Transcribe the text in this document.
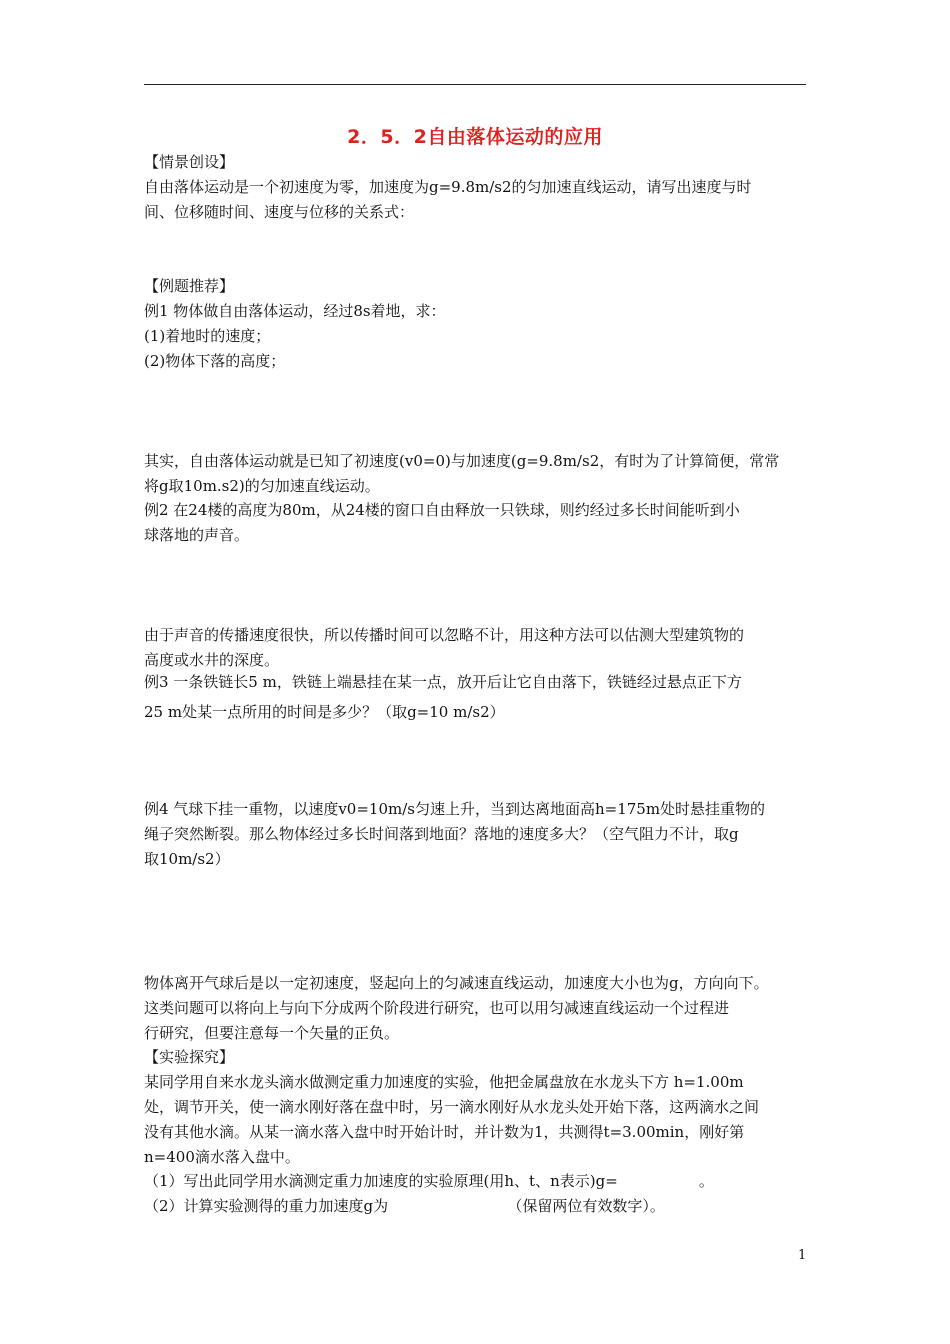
2．5．2自由落体运动的应用
【情景创设】
自由落体运动是一个初速度为零，加速度为g=9.8m/s2的匀加速直线运动，请写出速度与时
间、位移随时间、速度与位移的关系式：
【例题推荐】
例1 物体做自由落体运动，经过8s着地，求：
(1)着地时的速度；
(2)物体下落的高度；
其实，自由落体运动就是已知了初速度(v0=0)与加速度(g=9.8m/s2，有时为了计算简便，常常
将g取10m.s2)的匀加速直线运动。
例2 在24楼的高度为80m，从24楼的窗口自由释放一只铁球，则约经过多长时间能听到小
球落地的声音。
由于声音的传播速度很快，所以传播时间可以忽略不计，用这种方法可以估测大型建筑物的
高度或水井的深度。
例3 一条铁链长5 m，铁链上端悬挂在某一点，放开后让它自由落下，铁链经过悬点正下方
25 m处某一点所用的时间是多少？（取g=10 m/s2）
例4 气球下挂一重物，以速度v0=10m/s匀速上升，当到达离地面高h=175m处时悬挂重物的
绳子突然断裂。那么物体经过多长时间落到地面？落地的速度多大？（空气阻力不计，取g
取10m/s2）
物体离开气球后是以一定初速度，竖起向上的匀减速直线运动，加速度大小也为g，方向向下。
这类问题可以将向上与向下分成两个阶段进行研究，也可以用匀减速直线运动一个过程进
行研究，但要注意每一个矢量的正负。
【实验探究】
某同学用自来水龙头滴水做测定重力加速度的实验，他把金属盘放在水龙头下方 h=1.00m
处，调节开关，使一滴水刚好落在盘中时，另一滴水刚好从水龙头处开始下落，这两滴水之间
没有其他水滴。从某一滴水落入盘中时开始计时，并计数为1，共测得t=3.00min，刚好第
n=400滴水落入盘中。
（1）写出此同学用水滴测定重力加速度的实验原理(用h、t、n表示)g=                 。
（2）计算实验测得的重力加速度g为                         （保留两位有效数字）。
1
